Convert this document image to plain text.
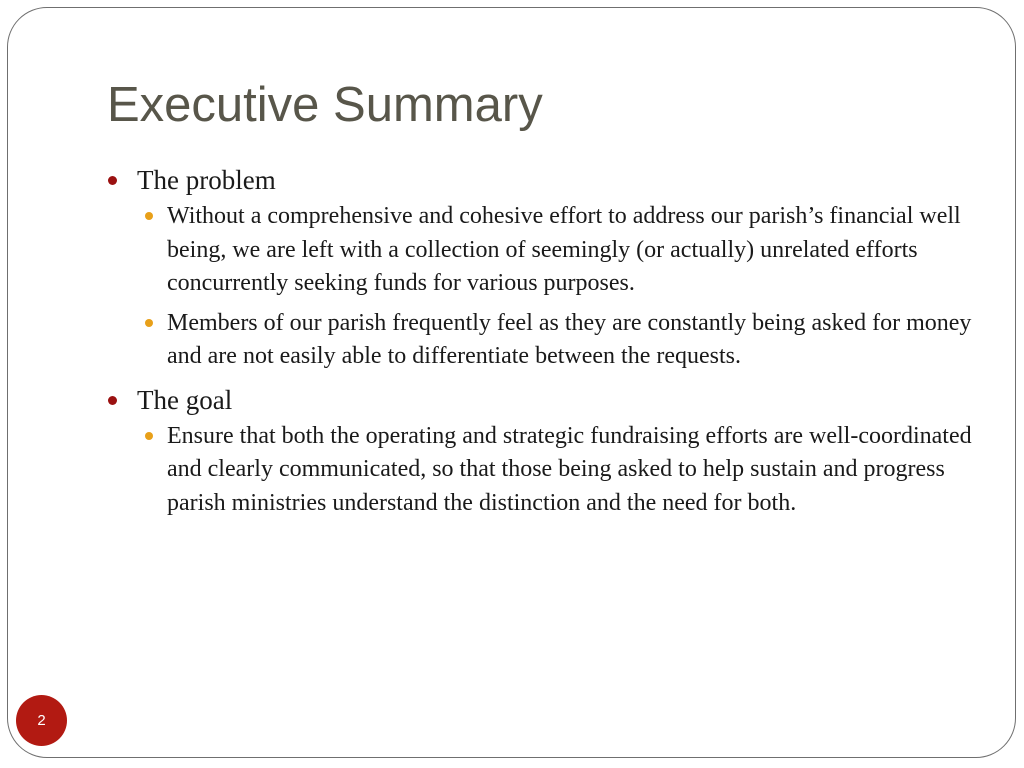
Executive Summary
The problem
Without a comprehensive and cohesive effort to address our parish’s financial well being, we are left with a collection of seemingly (or actually) unrelated efforts concurrently seeking funds for various purposes.
Members of our parish frequently feel as they are constantly being asked for money and are not easily able to differentiate between the requests.
The goal
Ensure that both the operating and strategic fundraising efforts are well-coordinated and clearly communicated, so that those being asked to help sustain and progress parish ministries understand the distinction and the need for both.
2
